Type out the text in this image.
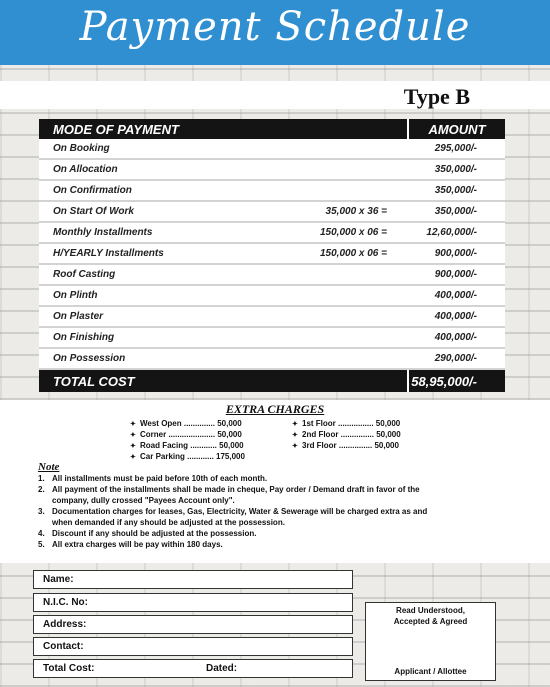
Payment Schedule
Type B
MODE OF PAYMENT		AMOUNT
On Booking		295,000/-
On Allocation		350,000/-
On Confirmation		350,000/-
On Start Of Work	35,000 x 36 =	350,000/-
Monthly Installments	150,000 x 06 =	12,60,000/-
H/YEARLY Installments	150,000 x 06 =	900,000/-
Roof Casting		900,000/-
On Plinth		400,000/-
On Plaster		400,000/-
On Finishing		400,000/-
On Possession		290,000/-
TOTAL COST		58,95,000/-
EXTRA CHARGES
✦ West Open .............. 50,000
✦ Corner ..................... 50,000
✦ Road Facing ............ 50,000
✦ Car Parking ............ 175,000
✦ 1st Floor ................ 50,000
✦ 2nd Floor ............... 50,000
✦ 3rd Floor ............... 50,000
Note
1. All installments must be paid before 10th of each month.
2. All payment of the installments shall be made in cheque, Pay order / Demand draft in favor of the company, dully crossed "Payees Account only".
3. Documentation charges for leases, Gas, Electricity, Water & Sewerage will be charged extra as and when demanded if any should be adjusted at the possession.
4. Discount if any should be adjusted at the possession.
5. All extra charges will be pay within 180 days.
Name:
N.I.C. No:
Address:
Contact:
Total Cost:	Dated:
Read Understood,
Accepted & Agreed
Applicant / Allottee
